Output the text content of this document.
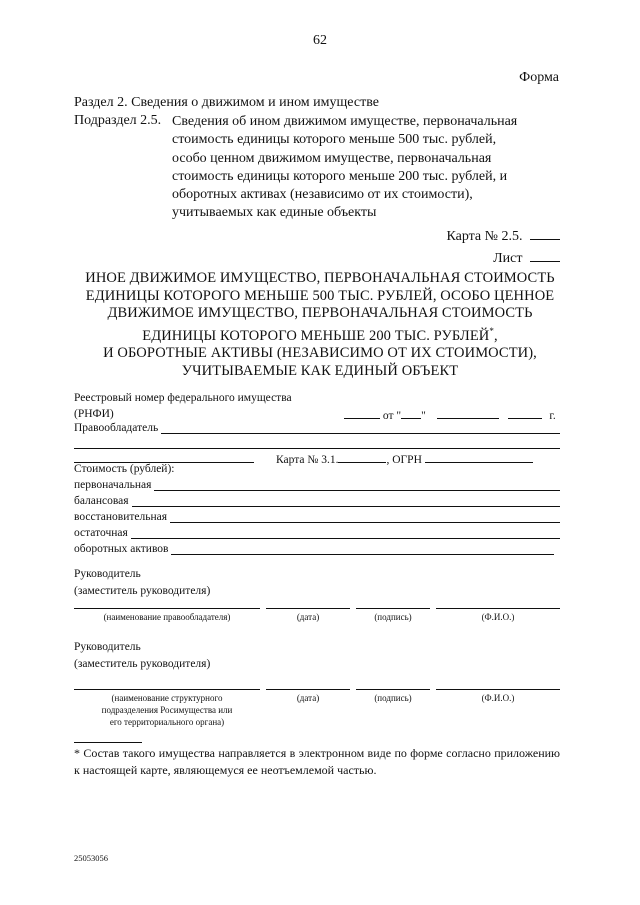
62
Форма
Раздел 2. Сведения о движимом и ином имуществе
Подраздел 2.5. Сведения об ином движимом имуществе, первоначальная
стоимость единицы которого меньше 500 тыс. рублей,
особо ценном движимом имуществе, первоначальная
стоимость единицы которого меньше 200 тыс. рублей, и
оборотных активах (независимо от их стоимости),
учитываемых как единые объекты
Карта № 2.5.
Лист
ИНОЕ ДВИЖИМОЕ ИМУЩЕСТВО, ПЕРВОНАЧАЛЬНАЯ СТОИМОСТЬ
ЕДИНИЦЫ КОТОРОГО МЕНЬШЕ 500 ТЫС. РУБЛЕЙ, ОСОБО ЦЕННОЕ
ДВИЖИМОЕ ИМУЩЕСТВО, ПЕРВОНАЧАЛЬНАЯ СТОИМОСТЬ
ЕДИНИЦЫ КОТОРОГО МЕНЬШЕ 200 ТЫС. РУБЛЕЙ*,
И ОБОРОТНЫЕ АКТИВЫ (НЕЗАВИСИМО ОТ ИХ СТОИМОСТИ),
УЧИТЫВАЕМЫЕ КАК ЕДИНЫЙ ОБЪЕКТ
Реестровый номер федерального имущества
(РНФИ)	от " "	г.
Правообладатель
Карта № 3.1.	, ОГРН
Стоимость (рублей):
первоначальная
балансовая
восстановительная
остаточная
оборотных активов
Руководитель
(заместитель руководителя)
(наименование правообладателя)	(дата)	(подпись)	(Ф.И.О.)
Руководитель
(заместитель руководителя)
(наименование структурного
подразделения Росимущества или
его территориального органа)
(дата)	(подпись)	(Ф.И.О.)
* Состав такого имущества направляется в электронном виде по форме согласно приложению к настоящей карте, являющемуся ее неотъемлемой частью.
25053056
